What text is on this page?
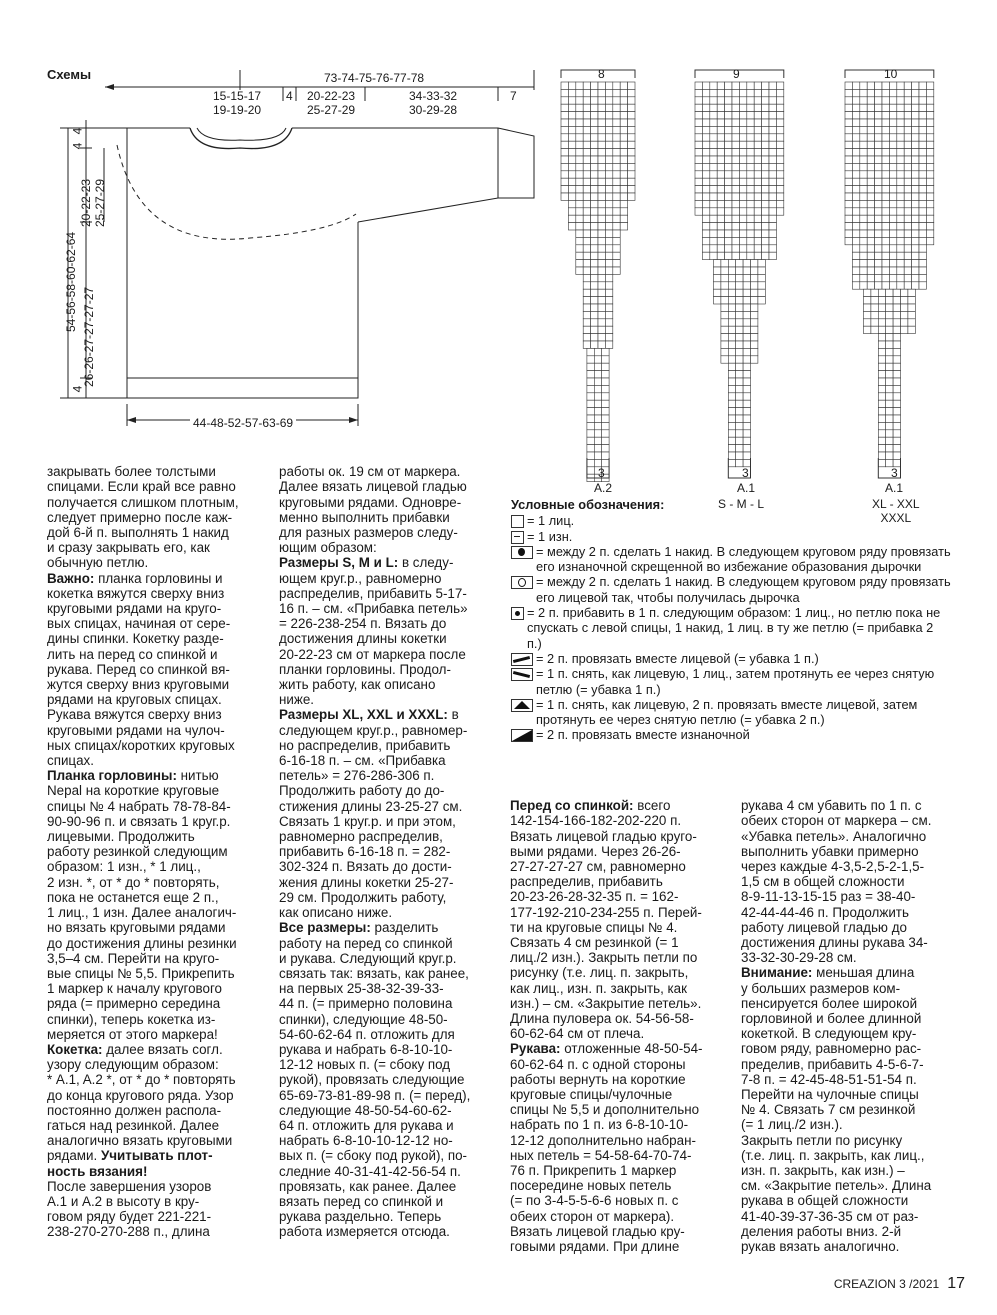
Схемы	73-74-75-76-77-78
15-15-17
19-19-20
4 20-22-23
25-27-29
34-33-32
30-29-28
7
54-56-58-60-62-64
26-26-27-27-27-27
20-22-23 25-27-29
4
4
4
44-48-52-57-63-69
8	9	10
3
A.2
3
A.1
S - M - L
3
A.1
XL - XXL
XXXL
Условные обозначения:
= 1 лиц.
= 1 изн.
= между 2 п. сделать 1 накид. В следующем круговом ряду провязать его изнаночной скрещенной во избежание образования дырочки
= между 2 п. сделать 1 накид. В следующем круговом ряду провязать его лицевой так, чтобы получилась дырочка
= 2 п. прибавить в 1 п. следующим образом: 1 лиц., но петлю пока не спускать с левой спицы, 1 накид, 1 лиц. в ту же петлю (= прибавка 2 п.)
= 2 п. провязать вместе лицевой (= убавка 1 п.)
= 1 п. снять, как лицевую, 1 лиц., затем протянуть ее через снятую петлю (= убавка 1 п.)
= 1 п. снять, как лицевую, 2 п. провязать вместе лицевой, затем протянуть ее через снятую петлю (= убавка 2 п.)
= 2 п. провязать вместе изнаночной

закрывать более толстыми
спицами. Если край все равно
получается слишком плотным,
следует примерно после каж-
дой 6-й п. выполнять 1 накид
и сразу закрывать его, как
обычную петлю.
Важно: планка горловины и
кокетка вяжутся сверху вниз
круговыми рядами на круго-
вых спицах, начиная от сере-
дины спинки. Кокетку разде-
лить на перед со спинкой и
рукава. Перед со спинкой вя-
жутся сверху вниз круговыми
рядами на круговых спицах.
Рукава вяжутся сверху вниз
круговыми рядами на чулоч-
ных спицах/коротких круговых
спицах.
Планка горловины: нитью
Nepal на короткие круговые
спицы № 4 набрать 78-78-84-
90-90-96 п. и связать 1 круг.р.
лицевыми. Продолжить
работу резинкой следующим
образом: 1 изн., * 1 лиц.,
2 изн. *, от * до * повторять,
пока не останется еще 2 п.,
1 лиц., 1 изн. Далее аналогич-
но вязать круговыми рядами
до достижения длины резинки
3,5–4 см. Перейти на круго-
вые спицы № 5,5. Прикрепить
1 маркер к началу кругового
ряда (= примерно середина
спинки), теперь кокетка из-
меряется от этого маркера!
Кокетка: далее вязать согл.
узору следующим образом:
* A.1, A.2 *, от * до * повторять
до конца кругового ряда. Узор
постоянно должен распола-
гаться над резинкой. Далее
аналогично вязать круговыми
рядами. Учитывать плот-
ность вязания!
После завершения узоров
A.1 и A.2 в высоту в кру-
говом ряду будет 221-221-
238-270-270-288 п., длина

работы ок. 19 см от маркера.
Далее вязать лицевой гладью
круговыми рядами. Одновре-
менно выполнить прибавки
для разных размеров следу-
ющим образом:
Размеры S, M и L: в следу-
ющем круг.р., равномерно
распределив, прибавить 5-17-
16 п. – см. «Прибавка петель»
= 226-238-254 п. Вязать до
достижения длины кокетки
20-22-23 см от маркера после
планки горловины. Продол-
жить работу, как описано
ниже.
Размеры XL, XXL и XXXL: в
следующем круг.р., равномер-
но распределив, прибавить
6-16-18 п. – см. «Прибавка
петель» = 276-286-306 п.
Продолжить работу до до-
стижения длины 23-25-27 см.
Связать 1 круг.р. и при этом,
равномерно распределив,
прибавить 6-16-18 п. = 282-
302-324 п. Вязать до дости-
жения длины кокетки 25-27-
29 см. Продолжить работу,
как описано ниже.
Все размеры: разделить
работу на перед со спинкой
и рукава. Следующий круг.р.
связать так: вязать, как ранее,
на первых 25-38-32-39-33-
44 п. (= примерно половина
спинки), следующие 48-50-
54-60-62-64 п. отложить для
рукава и набрать 6-8-10-10-
12-12 новых п. (= сбоку под
рукой), провязать следующие
65-69-73-81-89-98 п. (= перед),
следующие 48-50-54-60-62-
64 п. отложить для рукава и
набрать 6-8-10-10-12-12 но-
вых п. (= сбоку под рукой), по-
следние 40-31-41-42-56-54 п.
провязать, как ранее. Далее
вязать перед со спинкой и
рукава раздельно. Теперь
работа измеряется отсюда.

Перед со спинкой: всего
142-154-166-182-202-220 п.
Вязать лицевой гладью круго-
выми рядами. Через 26-26-
27-27-27-27 см, равномерно
распределив, прибавить
20-23-26-28-32-35 п. = 162-
177-192-210-234-255 п. Перей-
ти на круговые спицы № 4.
Связать 4 см резинкой (= 1
лиц./2 изн.). Закрыть петли по
рисунку (т.е. лиц. п. закрыть,
как лиц., изн. п. закрыть, как
изн.) – см. «Закрытие петель».
Длина пуловера ок. 54-56-58-
60-62-64 см от плеча.
Рукава: отложенные 48-50-54-
60-62-64 п. с одной стороны
работы вернуть на короткие
круговые спицы/чулочные
спицы № 5,5 и дополнительно
набрать по 1 п. из 6-8-10-10-
12-12 дополнительно набран-
ных петель = 54-58-64-70-74-
76 п. Прикрепить 1 маркер
посередине новых петель
(= по 3-4-5-5-6-6 новых п. с
обеих сторон от маркера).
Вязать лицевой гладью кру-
говыми рядами. При длине

рукава 4 см убавить по 1 п. с
обеих сторон от маркера – см.
«Убавка петель». Аналогично
выполнить убавки примерно
через каждые 4-3,5-2,5-2-1,5-
1,5 см в общей сложности
8-9-11-13-15-15 раз = 38-40-
42-44-44-46 п. Продолжить
работу лицевой гладью до
достижения длины рукава 34-
33-32-30-29-28 см.
Внимание: меньшая длина
у больших размеров ком-
пенсируется более широкой
горловиной и более длинной
кокеткой. В следующем кру-
говом ряду, равномерно рас-
пределив, прибавить 4-5-6-7-
7-8 п. = 42-45-48-51-51-54 п.
Перейти на чулочные спицы
№ 4. Связать 7 см резинкой
(= 1 лиц./2 изн.).
Закрыть петли по рисунку
(т.е. лиц. п. закрыть, как лиц.,
изн. п. закрыть, как изн.) –
см. «Закрытие петель». Длина
рукава в общей сложности
41-40-39-37-36-35 см от раз-
деления работы вниз. 2-й
рукав вязать аналогично.

CREAZION 3 /2021 17
